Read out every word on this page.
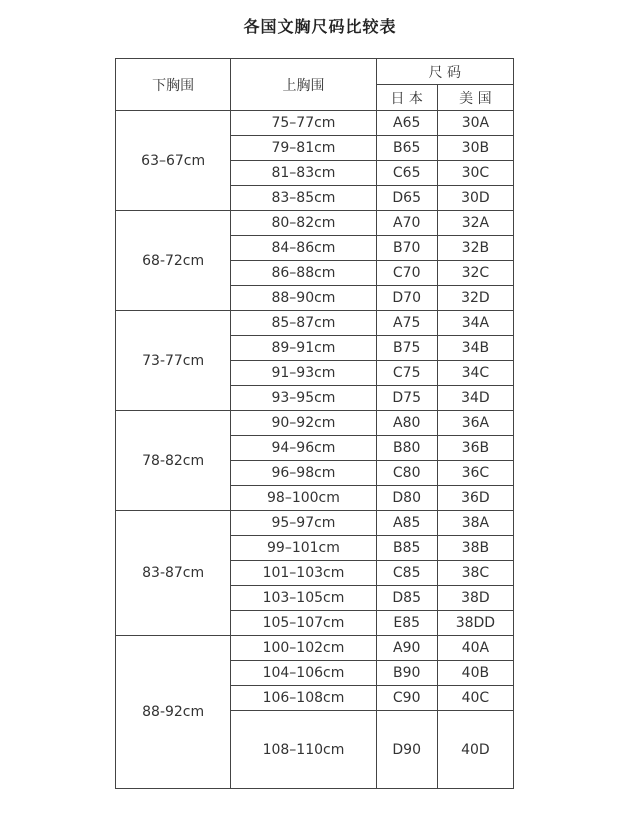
各国文胸尺码比较表
下胸围	上胸围	尺 码	
		日 本	美 国
63–67cm	75–77cm	A65	30A
	79–81cm	B65	30B
	81–83cm	C65	30C
	83–85cm	D65	30D
68-72cm	80–82cm	A70	32A
	84–86cm	B70	32B
	86–88cm	C70	32C
	88–90cm	D70	32D
73-77cm	85–87cm	A75	34A
	89–91cm	B75	34B
	91–93cm	C75	34C
	93–95cm	D75	34D
78-82cm	90–92cm	A80	36A
	94–96cm	B80	36B
	96–98cm	C80	36C
	98–100cm	D80	36D
83-87cm	95–97cm	A85	38A
	99–101cm	B85	38B
	101–103cm	C85	38C
	103–105cm	D85	38D
	105–107cm	E85	38DD
88-92cm	100–102cm	A90	40A
	104–106cm	B90	40B
	106–108cm	C90	40C
	108–110cm	D90	40D
